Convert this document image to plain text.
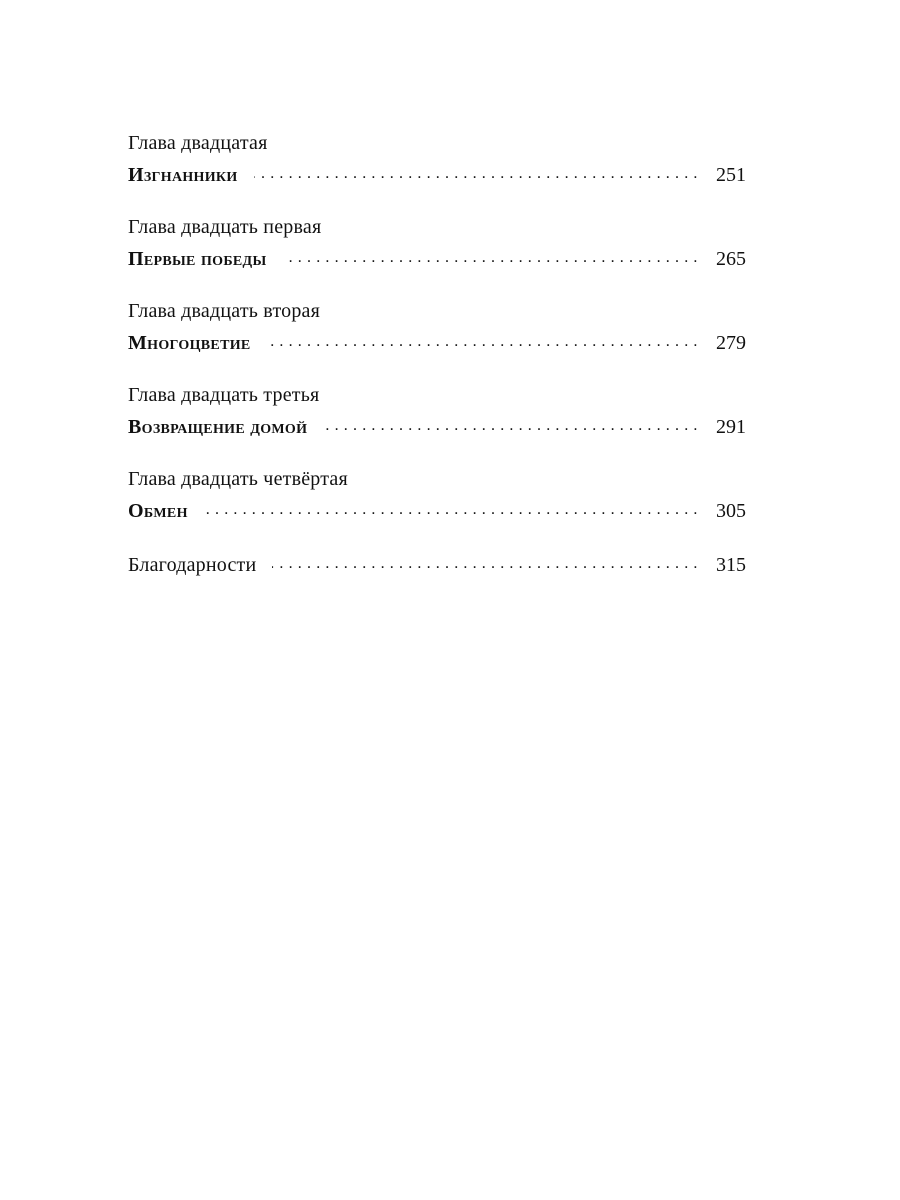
Глава двадцатая
Изгнанники . . .	251
Глава двадцать первая
Первые победы . . .	265
Глава двадцать вторая
Многоцветие . . .	279
Глава двадцать третья
Возвращение домой . . .	291
Глава двадцать четвёртая
Обмен . . .	305
Благодарности . . .	315
